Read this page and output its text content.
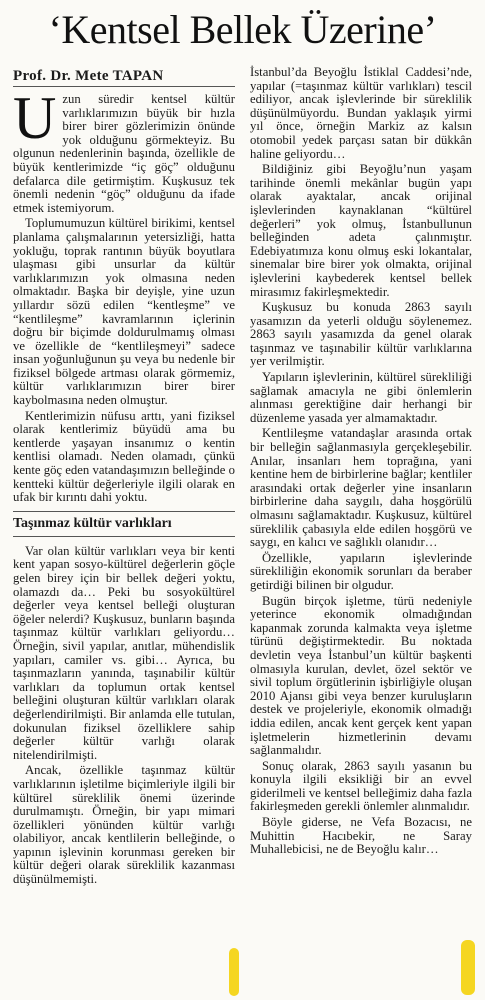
‘Kentsel Bellek Üzerine’
Prof. Dr. Mete TAPAN

Uzun süredir kentsel kültür varlıklarımızın büyük bir hızla birer birer gözlerimizin önünde yok olduğunu görmekteyiz. Bu olgunun nedenlerinin başında, özellikle de büyük kentlerimizde “iç göç” olduğunu defalarca dile getirmiştim. Kuşkusuz tek önemli nedenin “göç” olduğunu da ifade etmek istemiyorum.

Toplumumuzun kültürel birikimi, kentsel planlama çalışmalarının yetersizliği, hatta yokluğu, toprak rantının büyük boyutlara ulaşması gibi unsurlar da kültür varlıklarımızın yok olmasına neden olmaktadır. Başka bir deyişle, yine uzun yıllardır sözü edilen “kentleşme” ve “kentlileşme” kavramlarının içlerinin doğru bir biçimde doldurulmamış olması ve özellikle de “kentlileşmeyi” sadece insan yoğunluğunun şu veya bu nedenle bir fiziksel bölgede artması olarak görmemiz, kültür varlıklarımızın birer birer kaybolmasına neden olmuştur.

Kentlerimizin nüfusu arttı, yani fiziksel olarak kentlerimiz büyüdü ama bu kentlerde yaşayan insanımız o kentin kentlisi olamadı. Neden olamadı, çünkü kente göç eden vatandaşımızın belleğinde o kentteki kültür değerleriyle ilgili olarak en ufak bir kırıntı dahi yoktu.

Taşınmaz kültür varlıkları

Var olan kültür varlıkları veya bir kenti kent yapan sosyo-kültürel değerlerin göçle gelen birey için bir bellek değeri yoktu, olamazdı da… Peki bu sosyokültürel değerler veya kentsel belleği oluşturan öğeler nelerdi? Kuşkusuz, bunların başında taşınmaz kültür varlıkları geliyordu… Örneğin, sivil yapılar, anıtlar, mühendislik yapıları, camiler vs. gibi… Ayrıca, bu taşınmazların yanında, taşınabilir kültür varlıkları da toplumun ortak kentsel belleğini oluşturan kültür varlıkları olarak değerlendirilmişti. Bir anlamda elle tutulan, dokunulan fiziksel özelliklere sahip değerler kültür varlığı olarak nitelendirilmişti.

Ancak, özellikle taşınmaz kültür varlıklarının işletilme biçimleriyle ilgili bir kültürel süreklilik önemi üzerinde durulmamıştı. Örneğin, bir yapı mimari özellikleri yönünden kültür varlığı olabiliyor, ancak kentlilerin belleğinde, o yapının işlevinin korunması gereken bir kültür değeri olarak süreklilik kazanması düşünülmemişti.

İstanbul’da Beyoğlu İstiklal Caddesi’nde, yapılar (=taşınmaz kültür varlıkları) tescil ediliyor, ancak işlevlerinde bir süreklilik düşünülmüyordu. Bundan yaklaşık yirmi yıl önce, örneğin Markiz az kalsın otomobil yedek parçası satan bir dükkân haline geliyordu…

Bildiğiniz gibi Beyoğlu’nun yaşam tarihinde önemli mekânlar bugün yapı olarak ayaktalar, ancak orijinal işlevlerinden kaynaklanan “kültürel değerleri” yok olmuş, İstanbullunun belleğinden adeta çalınmıştır. Edebiyatımıza konu olmuş eski lokantalar, sinemalar bire birer yok olmakta, orijinal işlevlerini kaybederek kentsel bellek mirasımız fakirleşmektedir.

Kuşkusuz bu konuda 2863 sayılı yasamızın da yeterli olduğu söylenemez. 2863 sayılı yasamızda da genel olarak taşınmaz ve taşınabilir kültür varlıklarına yer verilmiştir.

Yapıların işlevlerinin, kültürel sürekliliği sağlamak amacıyla ne gibi önlemlerin alınması gerektiğine dair herhangi bir düzenleme yasada yer almamaktadır.

Kentlileşme vatandaşlar arasında ortak bir belleğin sağlanmasıyla gerçekleşebilir. Anılar, insanları hem toprağına, yani kentine hem de birbirlerine bağlar; kentliler arasındaki ortak değerler yine insanların birbirlerine daha saygılı, daha hoşgörülü olmasını sağlamaktadır. Kuşkusuz, kültürel süreklilik çabasıyla elde edilen hoşgörü ve saygı, en kalıcı ve sağlıklı olanıdır…

Özellikle, yapıların işlevlerinde sürekliliğin ekonomik sorunları da beraber getirdiği bilinen bir olgudur.

Bugün birçok işletme, türü nedeniyle yeterince ekonomik olmadığından kapanmak zorunda kalmakta veya işletme türünü değiştirmektedir. Bu noktada devletin veya İstanbul’un kültür başkenti olmasıyla kurulan, devlet, özel sektör ve sivil toplum örgütlerinin işbirliğiyle oluşan 2010 Ajansı gibi veya benzer kuruluşların destek ve projeleriyle, ekonomik olmadığı iddia edilen, ancak kent gerçek kent yapan işletmelerin hizmetlerinin devamı sağlanmalıdır.

Sonuç olarak, 2863 sayılı yasanın bu konuyla ilgili eksikliği bir an evvel giderilmeli ve kentsel belleğimiz daha fazla fakirleşmeden gerekli önlemler alınmalıdır.

Böyle giderse, ne Vefa Bozacısı, ne Muhittin Hacıbekir, ne Saray Muhallebicisi, ne de Beyoğlu kalır…
